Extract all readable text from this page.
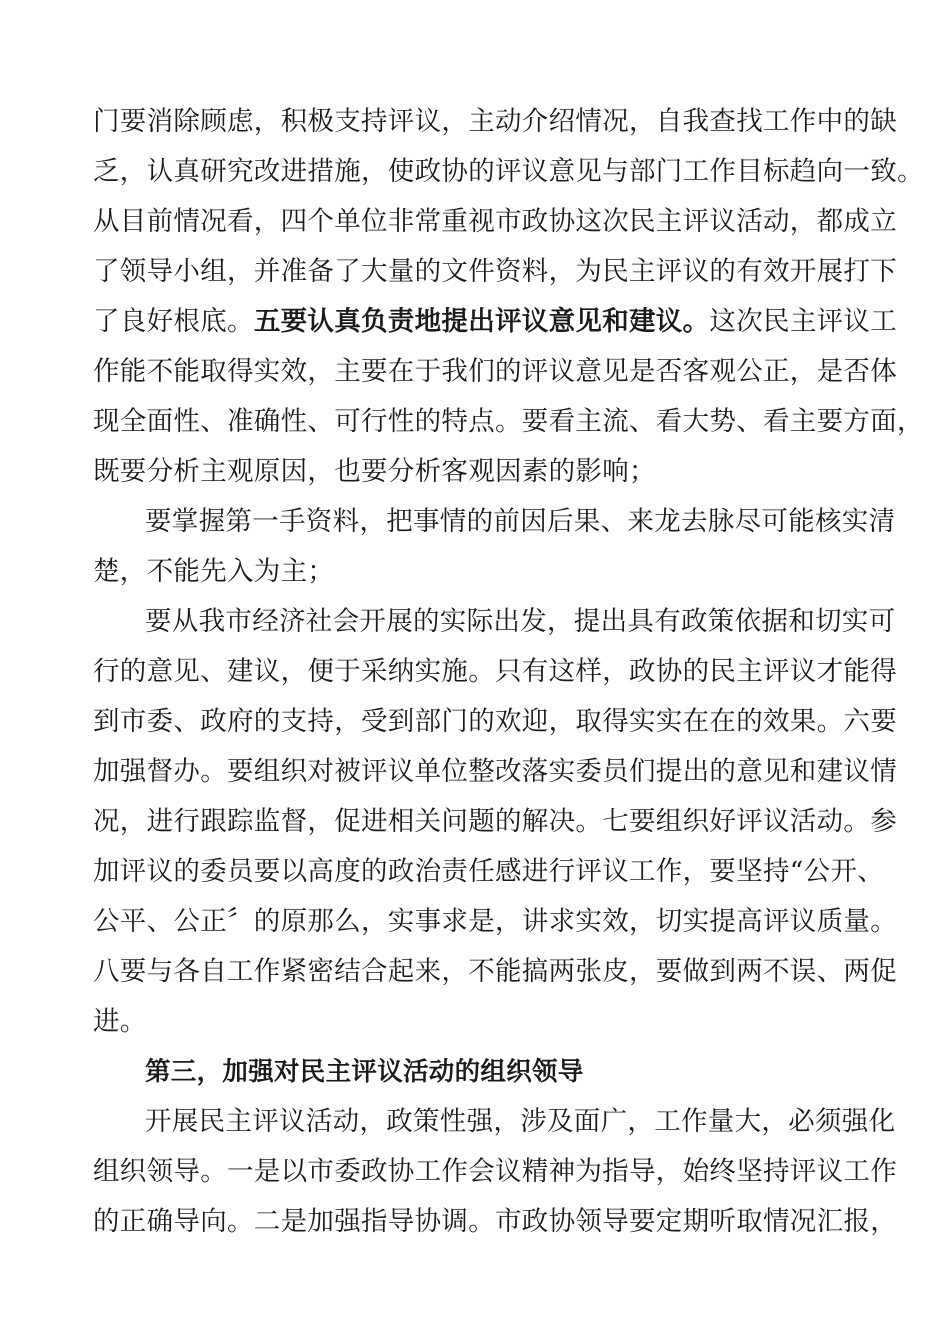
门要消除顾虑，积极支持评议，主动介绍情况，自我查找工作中的缺
乏，认真研究改进措施，使政协的评议意见与部门工作目标趋向一致。
从目前情况看，四个单位非常重视市政协这次民主评议活动，都成立
了领导小组，并准备了大量的文件资料，为民主评议的有效开展打下
了良好根底。五要认真负责地提出评议意见和建议。这次民主评议工
作能不能取得实效，主要在于我们的评议意见是否客观公正，是否体
现全面性、准确性、可行性的特点。要看主流、看大势、看主要方面，
既要分析主观原因，也要分析客观因素的影响；
要掌握第一手资料，把事情的前因后果、来龙去脉尽可能核实清
楚，不能先入为主；
要从我市经济社会开展的实际出发，提出具有政策依据和切实可
行的意见、建议，便于采纳实施。只有这样，政协的民主评议才能得
到市委、政府的支持，受到部门的欢迎，取得实实在在的效果。六要
加强督办。要组织对被评议单位整改落实委员们提出的意见和建议情
况，进行跟踪监督，促进相关问题的解决。七要组织好评议活动。参
加评议的委员要以高度的政治责任感进行评议工作，要坚持“公开、
公平、公正〞的原那么，实事求是，讲求实效，切实提高评议质量。
八要与各自工作紧密结合起来，不能搞两张皮，要做到两不误、两促
进。
第三，加强对民主评议活动的组织领导
开展民主评议活动，政策性强，涉及面广，工作量大，必须强化
组织领导。一是以市委政协工作会议精神为指导，始终坚持评议工作
的正确导向。二是加强指导协调。市政协领导要定期听取情况汇报，
